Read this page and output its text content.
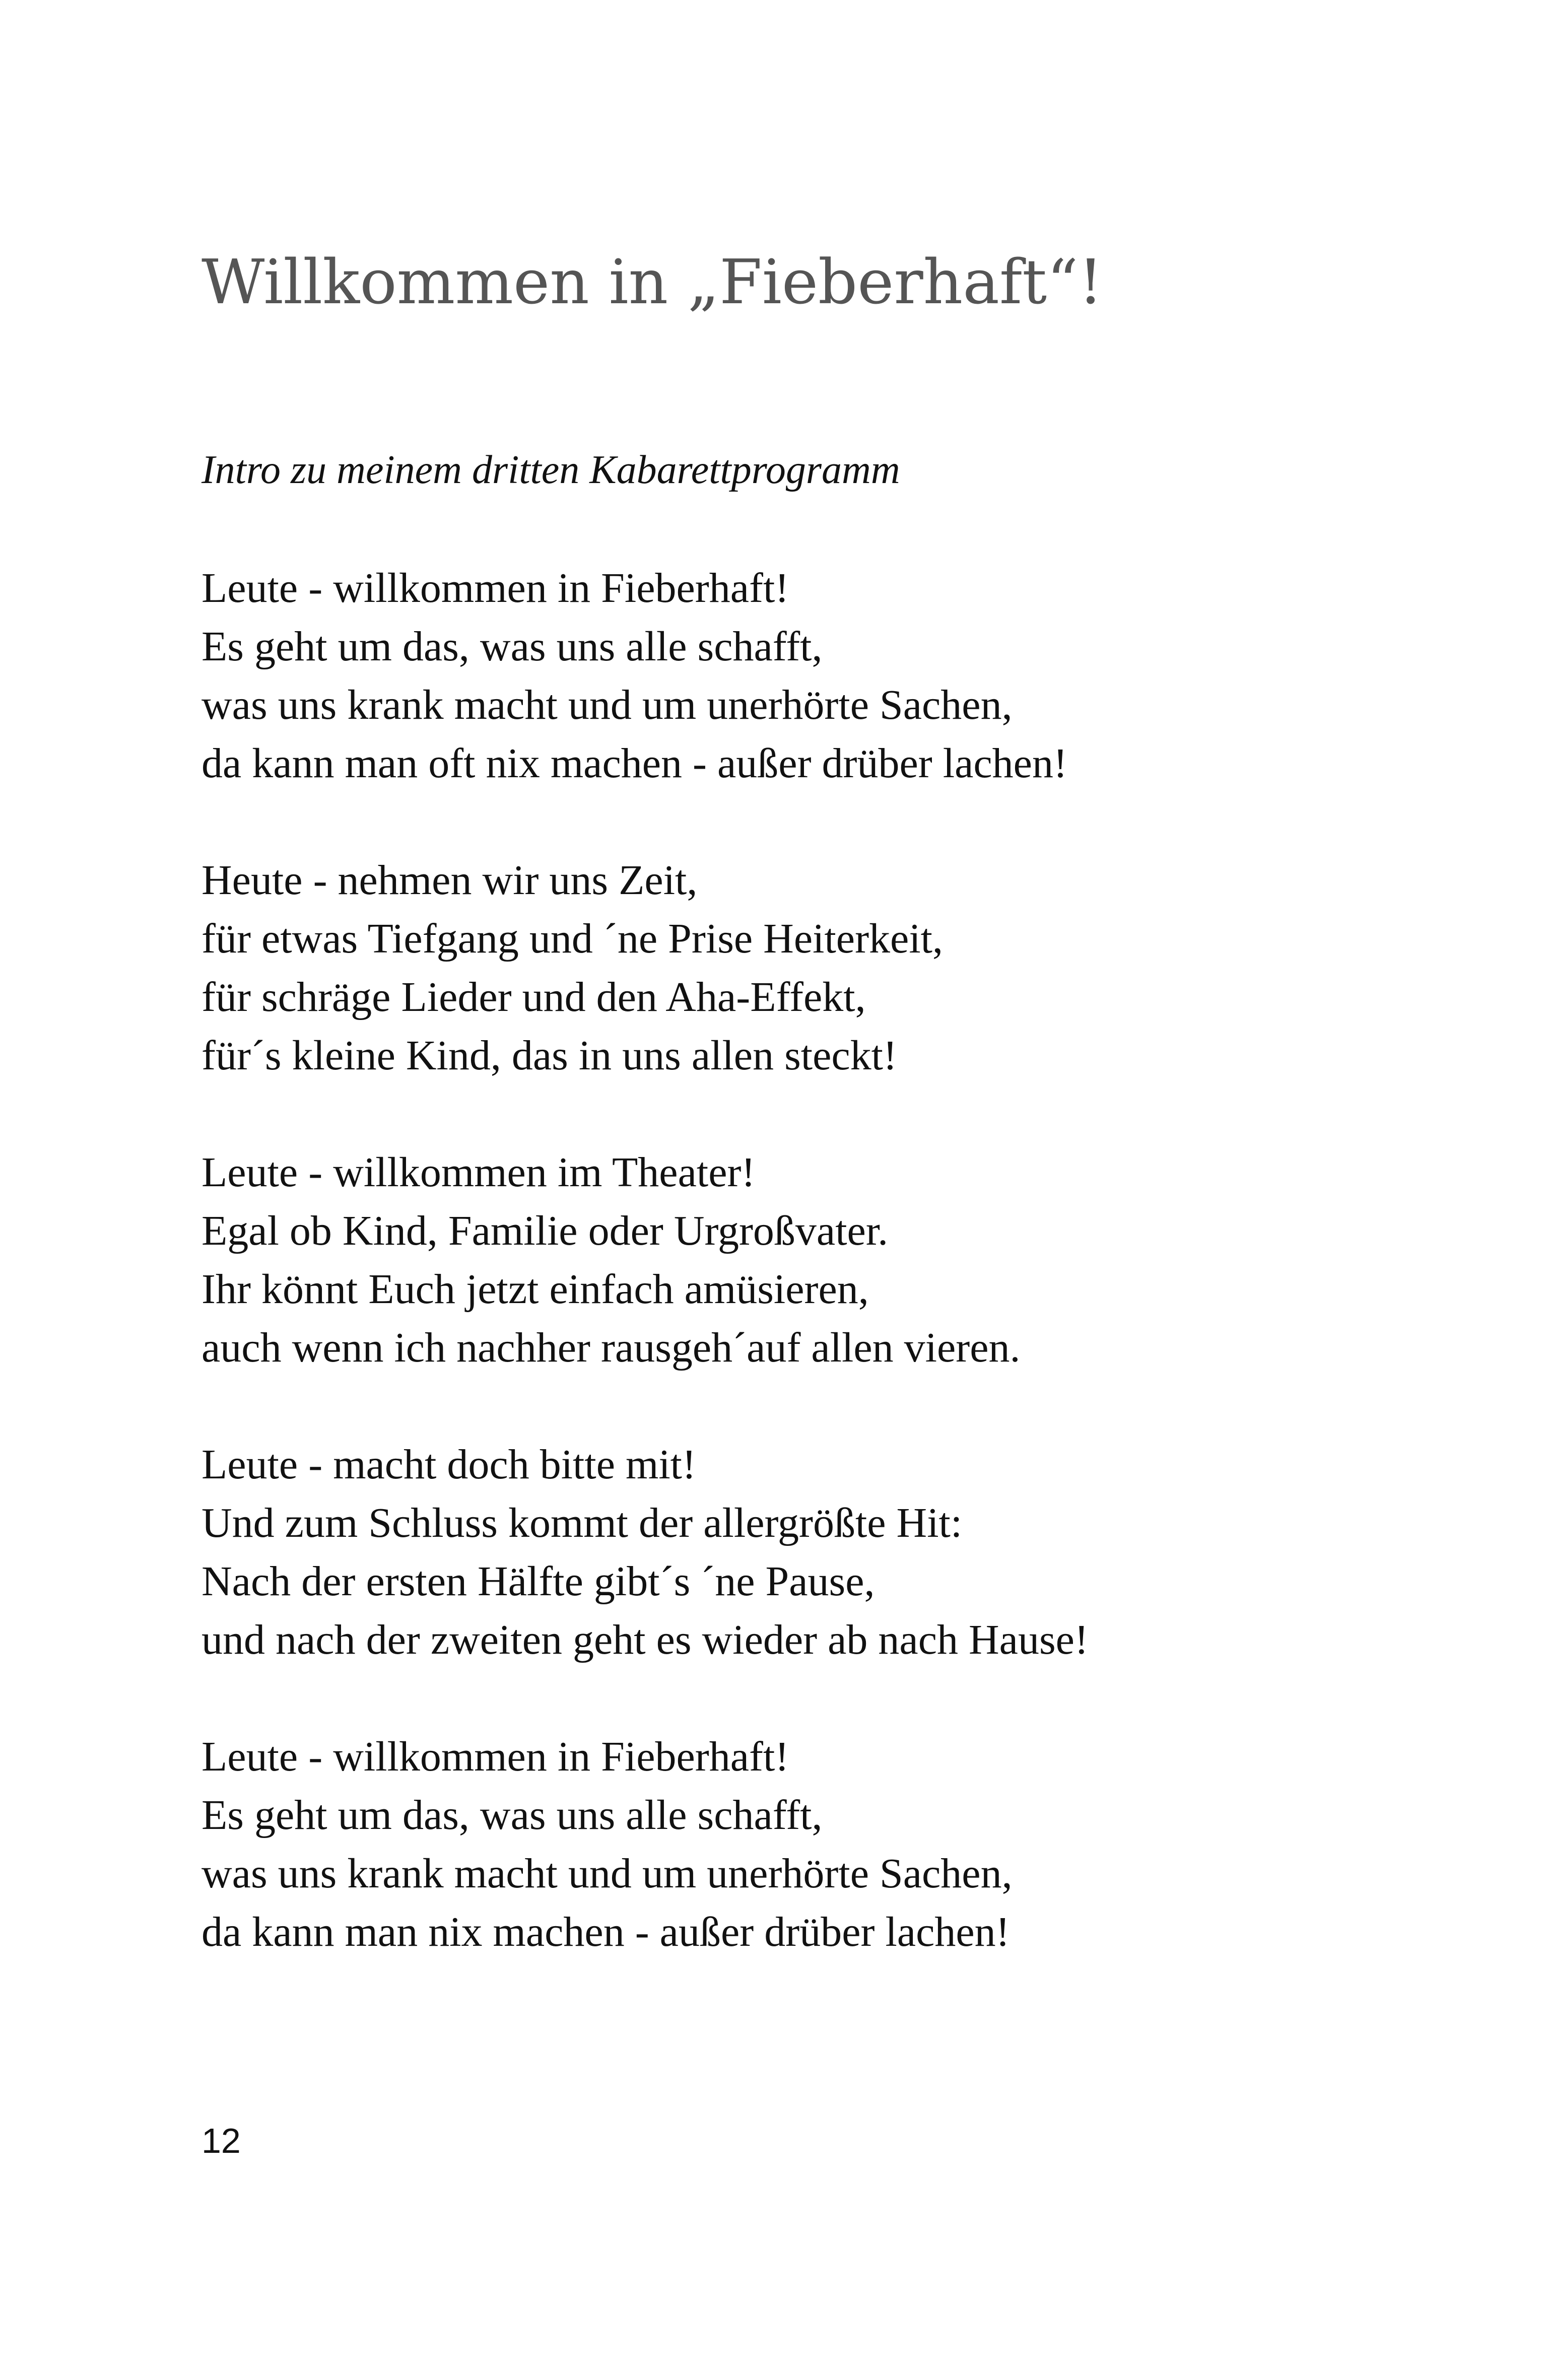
Willkommen in „Fieberhaft“!

Intro zu meinem dritten Kabarettprogramm

Leute - willkommen in Fieberhaft!
Es geht um das, was uns alle schafft,
was uns krank macht und um unerhörte Sachen,
da kann man oft nix machen - außer drüber lachen!
Heute - nehmen wir uns Zeit,
für etwas Tiefgang und ´ne Prise Heiterkeit,
für schräge Lieder und den Aha-Effekt,
für´s kleine Kind, das in uns allen steckt!
Leute - willkommen im Theater!
Egal ob Kind, Familie oder Urgroßvater.
Ihr könnt Euch jetzt einfach amüsieren,
auch wenn ich nachher rausgeh´auf allen vieren.
Leute - macht doch bitte mit!
Und zum Schluss kommt der allergrößte Hit:
Nach der ersten Hälfte gibt´s ´ne Pause,
und nach der zweiten geht es wieder ab nach Hause!
Leute - willkommen in Fieberhaft!
Es geht um das, was uns alle schafft,
was uns krank macht und um unerhörte Sachen,
da kann man nix machen - außer drüber lachen!
12
